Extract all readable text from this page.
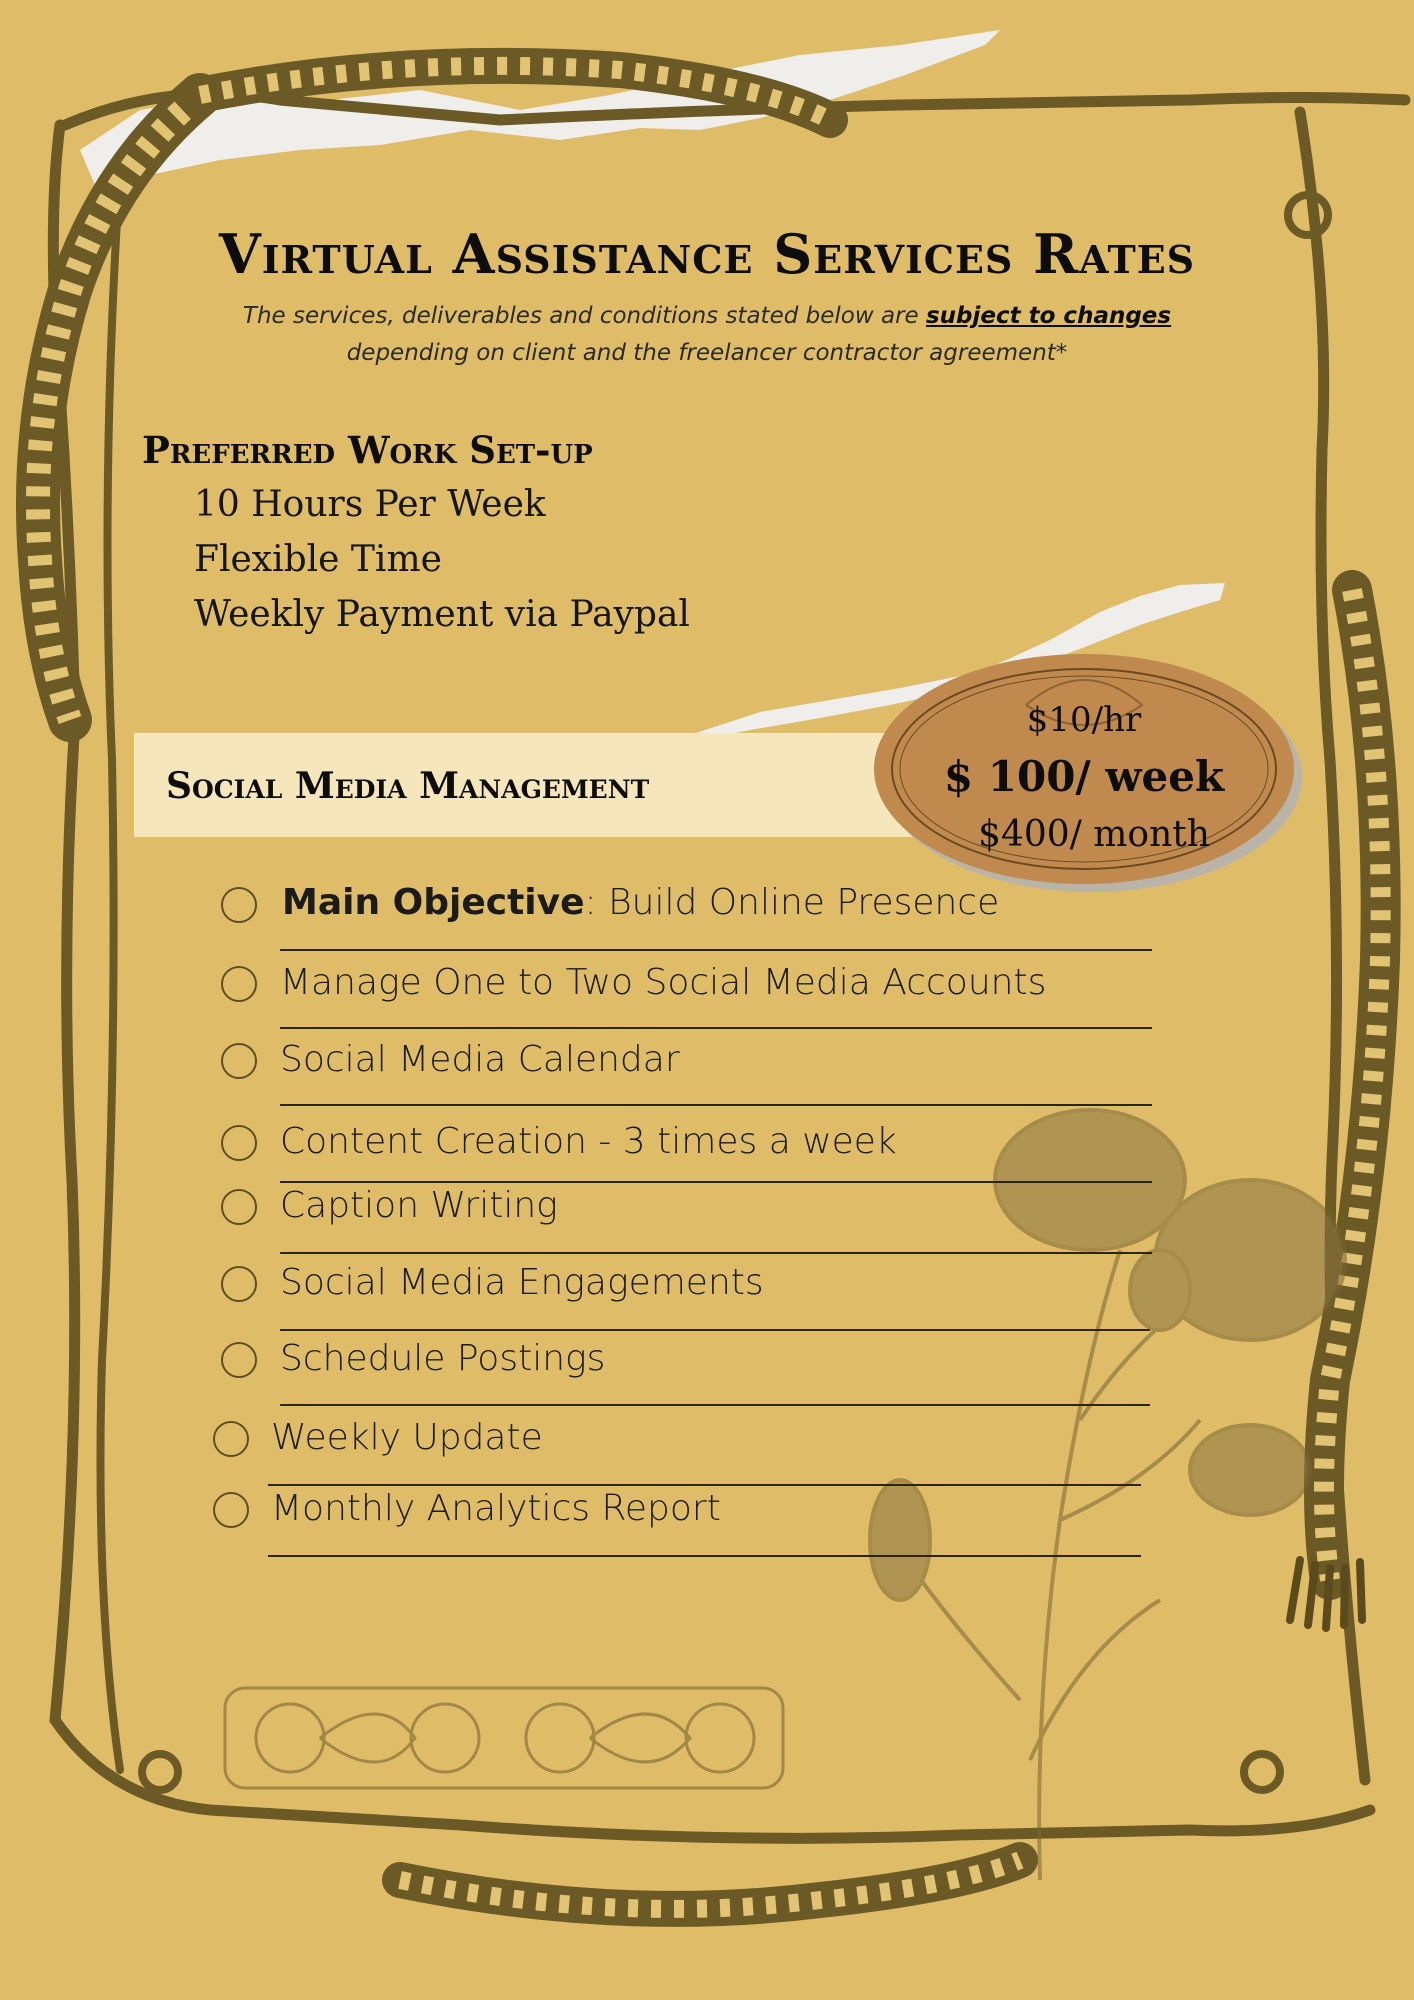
Virtual Assistance Services Rates
The services, deliverables and conditions stated below are subject to changes
depending on client and the freelancer contractor agreement*
Preferred Work Set-up
10 Hours Per Week
Flexible Time
Weekly Payment via Paypal
Social Media Management
$10/hr
$ 100/ week
$400/ month
Main Objective: Build Online Presence
Manage One to Two Social Media Accounts
Social Media Calendar
Content Creation - 3 times a week
Caption Writing
Social Media Engagements
Schedule Postings
Weekly Update
Monthly Analytics Report
